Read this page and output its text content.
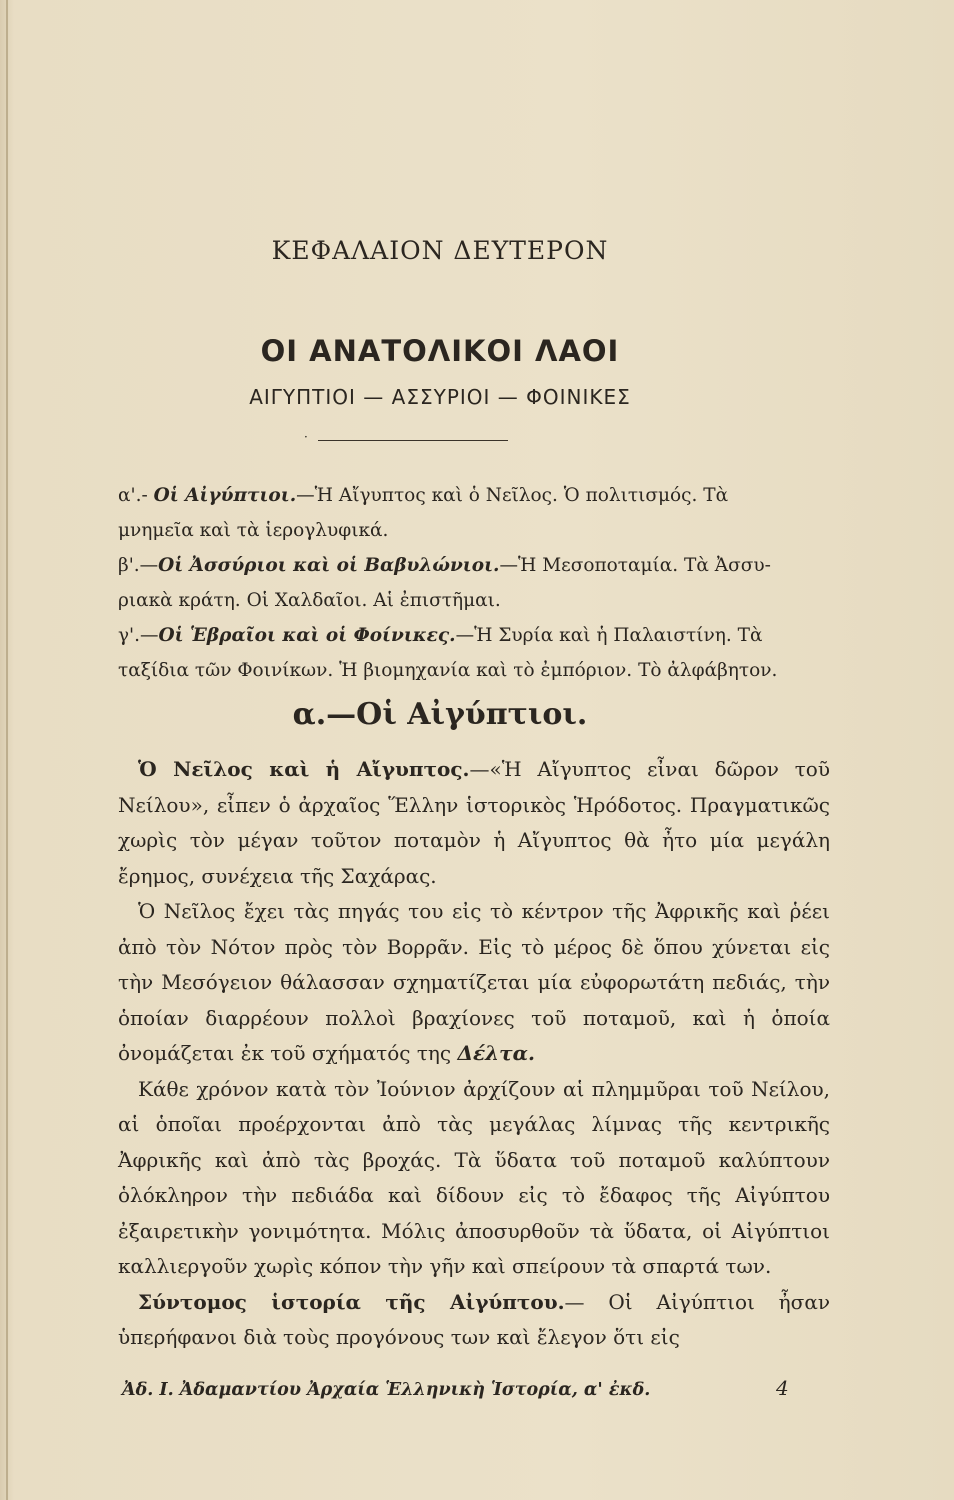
ΚΕΦΑΛΑΙΟΝ ΔΕΥΤΕΡΟΝ
ΟΙ ΑΝΑΤΟΛΙΚΟΙ ΛΑΟΙ
ΑΙΓΥΠΤΙΟΙ — ΑΣΣΥΡΙΟΙ — ΦΟΙΝΙΚΕΣ
·

α'.- Οἱ Αἰγύπτιοι.—Ἡ Αἴγυπτος καὶ ὁ Νεῖλος. Ὁ πολιτισμός. Τὰ
μνημεῖα καὶ τὰ ἱερογλυφικά.

β'.—Οἱ Ἀσσύριοι καὶ οἱ Βαβυλώνιοι.—Ἡ Μεσοποταμία. Τὰ Ἀσσυ-
ριακὰ κράτη. Οἱ Χαλδαῖοι. Αἱ ἐπιστῆμαι.

γ'.—Οἱ Ἑβραῖοι καὶ οἱ Φοίνικες.—Ἡ Συρία καὶ ἡ Παλαιστίνη. Τὰ
ταξίδια τῶν Φοινίκων. Ἡ βιομηχανία καὶ τὸ ἐμπόριον. Τὸ ἀλφάβητον.

α.—Οἱ Αἰγύπτιοι.

Ὁ Νεῖλος καὶ ἡ Αἴγυπτος.—«Ἡ Αἴγυπτος εἶναι δῶρον τοῦ Νείλου», εἶπεν ὁ ἀρχαῖος Ἕλλην ἱστορικὸς Ἡρόδοτος. Πραγματικῶς χωρὶς τὸν μέγαν τοῦτον ποταμὸν ἡ Αἴγυπτος θὰ ἦτο μία μεγάλη ἔρημος, συνέχεια τῆς Σαχάρας.

Ὁ Νεῖλος ἔχει τὰς πηγάς του εἰς τὸ κέντρον τῆς Ἀφρικῆς καὶ ῥέει ἀπὸ τὸν Νότον πρὸς τὸν Βορρᾶν. Εἰς τὸ μέρος δὲ ὅπου χύνεται εἰς τὴν Μεσόγειον θάλασσαν σχηματίζεται μία εὐφορωτάτη πεδιάς, τὴν ὁποίαν διαρρέουν πολλοὶ βραχίονες τοῦ ποταμοῦ, καὶ ἡ ὁποία ὀνομάζεται ἐκ τοῦ σχήματός της Δέλτα.

Κάθε χρόνον κατὰ τὸν Ἰούνιον ἀρχίζουν αἱ πλημμῦραι τοῦ Νείλου, αἱ ὁποῖαι προέρχονται ἀπὸ τὰς μεγάλας λίμνας τῆς κεντρικῆς Ἀφρικῆς καὶ ἀπὸ τὰς βροχάς. Τὰ ὕδατα τοῦ ποταμοῦ καλύπτουν ὁλόκληρον τὴν πεδιάδα καὶ δίδουν εἰς τὸ ἔδαφος τῆς Αἰγύπτου ἐξαιρετικὴν γονιμότητα. Μόλις ἀποσυρθοῦν τὰ ὕδατα, οἱ Αἰγύπτιοι καλλιεργοῦν χωρὶς κόπον τὴν γῆν καὶ σπείρουν τὰ σπαρτά των.

Σύντομος ἱστορία τῆς Αἰγύπτου.— Οἱ Αἰγύπτιοι ἦσαν ὑπερήφανοι διὰ τοὺς προγόνους των καὶ ἔλεγον ὅτι εἰς

Ἀδ. Ι. Ἀδαμαντίου Ἀρχαία Ἑλληνικὴ Ἱστορία, α' ἐκδ.	4
